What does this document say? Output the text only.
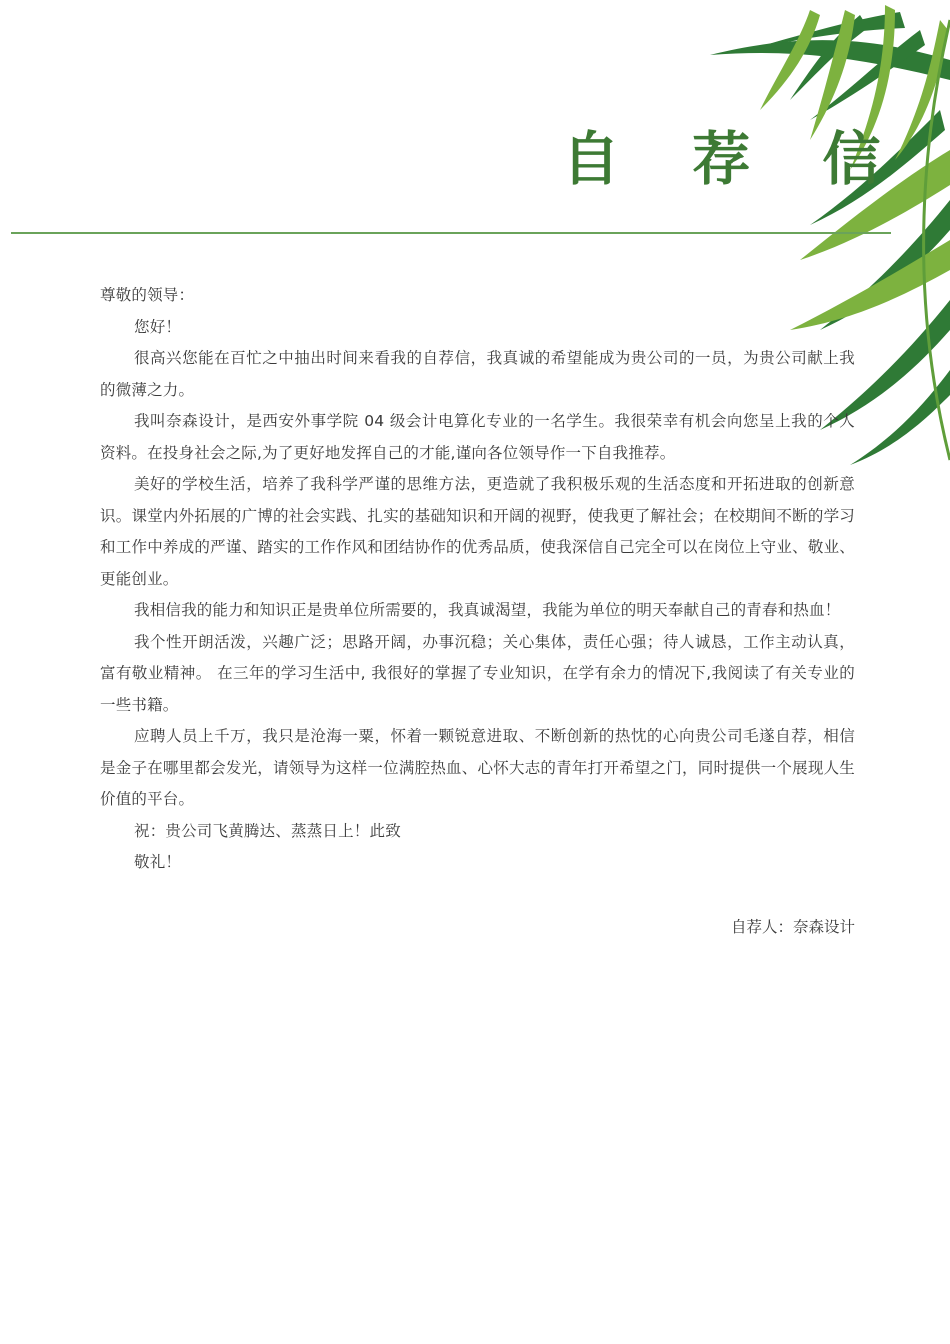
自 荐 信

尊敬的领导：

您好！

很高兴您能在百忙之中抽出时间来看我的自荐信，我真诚的希望能成为贵公司的一员，为贵公司献上我的微薄之力。

我叫奈森设计，是西安外事学院 04 级会计电算化专业的一名学生。我很荣幸有机会向您呈上我的个人资料。在投身社会之际,为了更好地发挥自己的才能,谨向各位领导作一下自我推荐。

美好的学校生活，培养了我科学严谨的思维方法，更造就了我积极乐观的生活态度和开拓进取的创新意识。课堂内外拓展的广博的社会实践、扎实的基础知识和开阔的视野，使我更了解社会；在校期间不断的学习和工作中养成的严谨、踏实的工作作风和团结协作的优秀品质，使我深信自己完全可以在岗位上守业、敬业、更能创业。

我相信我的能力和知识正是贵单位所需要的，我真诚渴望，我能为单位的明天奉献自己的青春和热血！

我个性开朗活泼，兴趣广泛；思路开阔，办事沉稳；关心集体，责任心强；待人诚恳，工作主动认真，富有敬业精神。 在三年的学习生活中, 我很好的掌握了专业知识，在学有余力的情况下,我阅读了有关专业的一些书籍。

应聘人员上千万，我只是沧海一粟，怀着一颗锐意进取、不断创新的热忱的心向贵公司毛遂自荐，相信是金子在哪里都会发光，请领导为这样一位满腔热血、心怀大志的青年打开希望之门，同时提供一个展现人生价值的平台。

祝：贵公司飞黄腾达、蒸蒸日上！此致

敬礼！

自荐人：奈森设计
